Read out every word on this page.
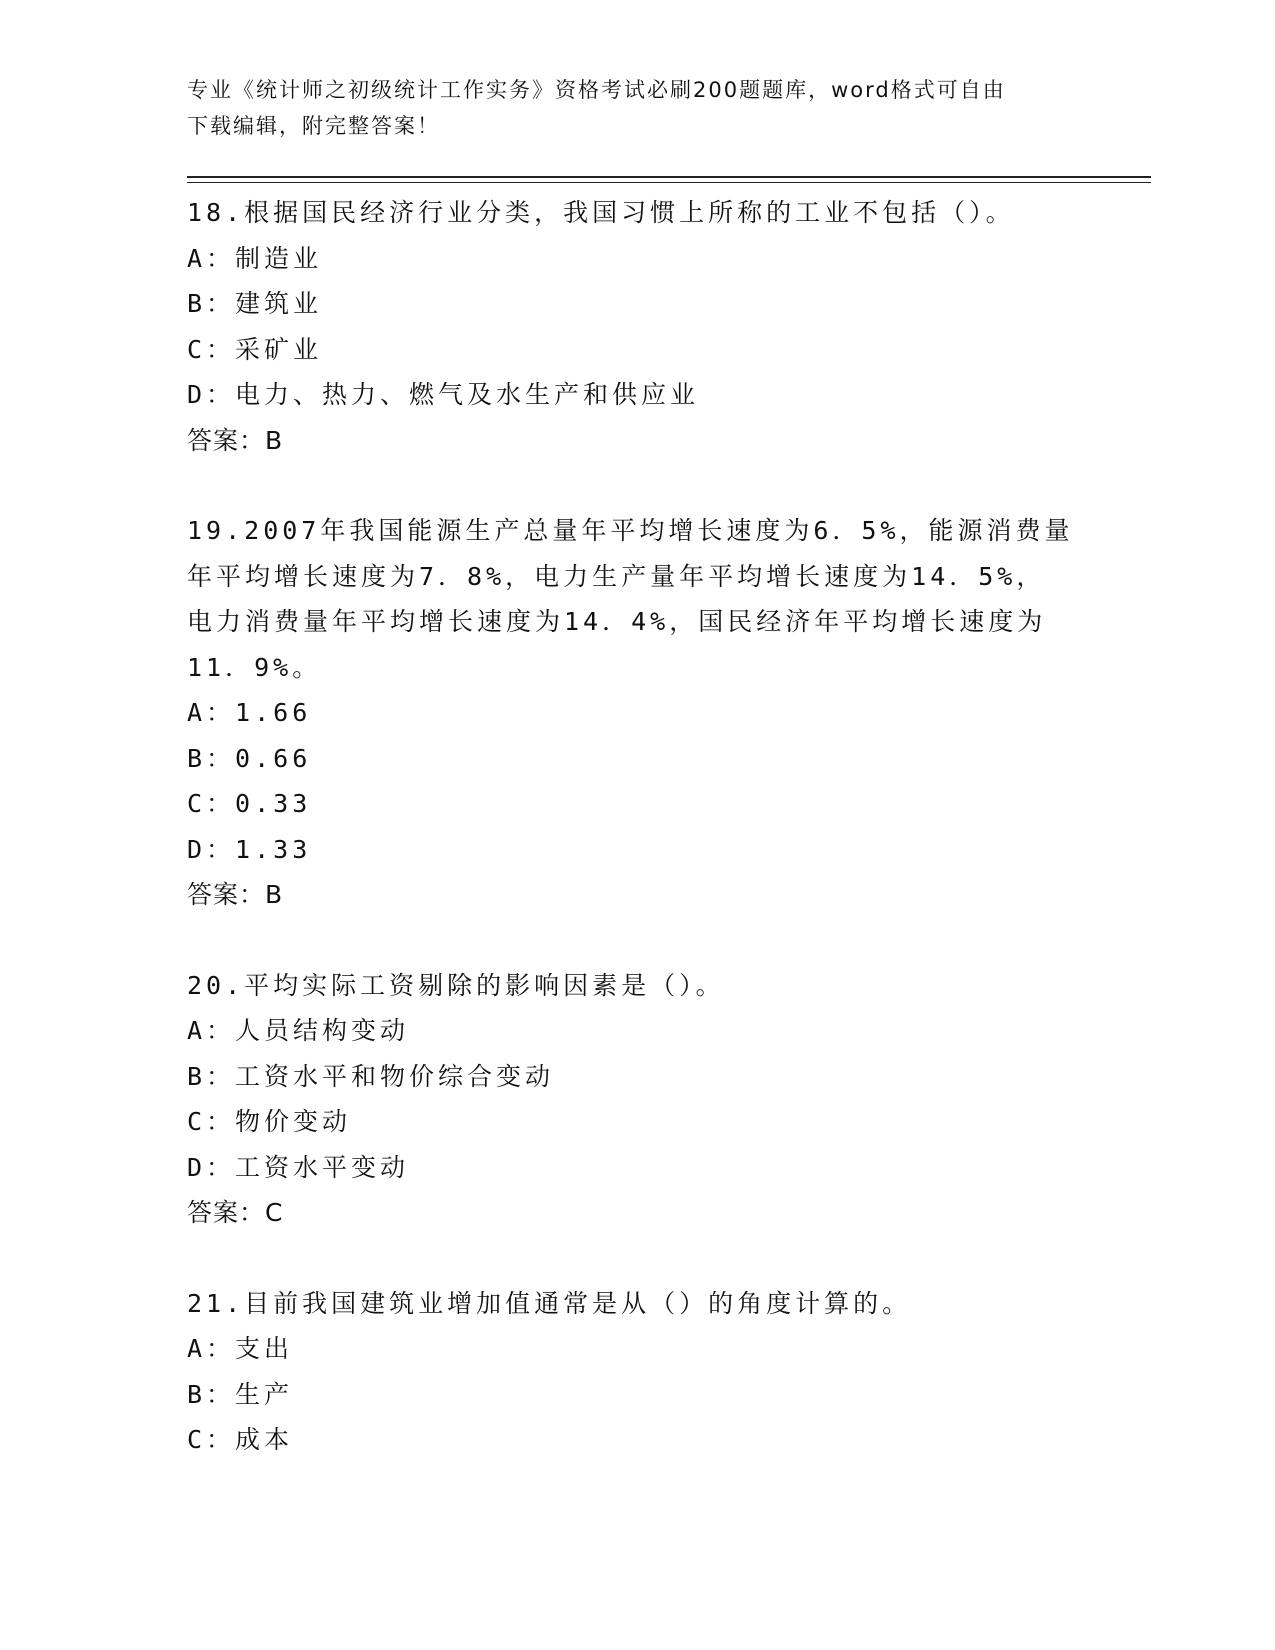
专业《统计师之初级统计工作实务》资格考试必刷200题题库，word格式可自由
下载编辑，附完整答案！
18.根据国民经济行业分类，我国习惯上所称的工业不包括（）。
A：制造业
B：建筑业
C：采矿业
D：电力、热力、燃气及水生产和供应业
答案：B
19.2007年我国能源生产总量年平均增长速度为6．5%，能源消费量
年平均增长速度为7．8%，电力生产量年平均增长速度为14．5%，
电力消费量年平均增长速度为14．4%，国民经济年平均增长速度为
11．9%。
A：1.66
B：0.66
C：0.33
D：1.33
答案：B
20.平均实际工资剔除的影响因素是（）。
A：人员结构变动
B：工资水平和物价综合变动
C：物价变动
D：工资水平变动
答案：C
21.目前我国建筑业增加值通常是从（）的角度计算的。
A：支出
B：生产
C：成本
